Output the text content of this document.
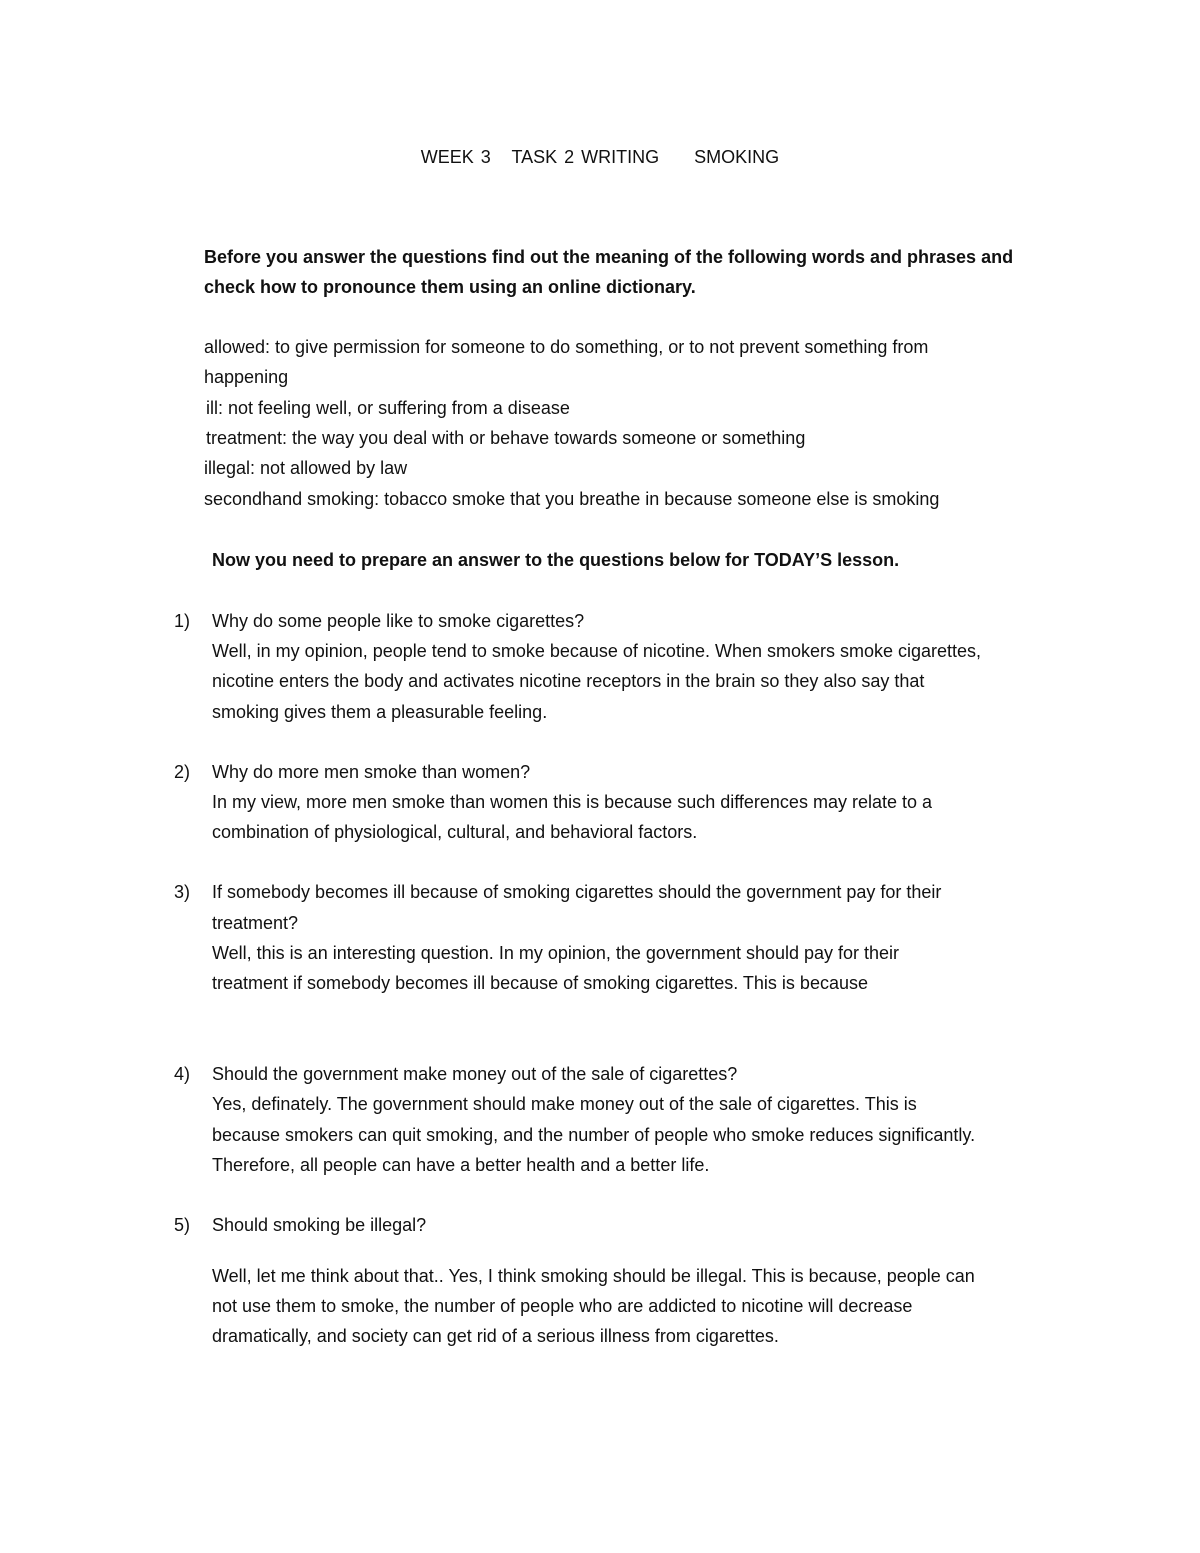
WEEK 3   TASK 2 WRITING     SMOKING
Before you answer the questions find out the meaning of the following words and phrases and
check how to pronounce them using an online dictionary.
allowed: to give permission for someone to do something, or to not prevent something from
happening
ill: not feeling well, or suffering from a disease
treatment: the way you deal with or behave towards someone or something
illegal: not allowed by law
secondhand smoking: tobacco smoke that you breathe in because someone else is smoking
Now you need to prepare an answer to the questions below for TODAY’S lesson.
1) Why do some people like to smoke cigarettes?
Well, in my opinion, people tend to smoke because of nicotine. When smokers smoke cigarettes,
nicotine enters the body and activates nicotine receptors in the brain so they also say that
smoking gives them a pleasurable feeling.
2) Why do more men smoke than women?
In my view, more men smoke than women this is because such differences may relate to a
combination of physiological, cultural, and behavioral factors.
3) If somebody becomes ill because of smoking cigarettes should the government pay for their
treatment?
Well, this is an interesting question. In my opinion, the government should pay for their
treatment if somebody becomes ill because of smoking cigarettes. This is because
4) Should the government make money out of the sale of cigarettes?
Yes, definately. The government should make money out of the sale of cigarettes. This is
because smokers can quit smoking, and the number of people who smoke reduces significantly.
Therefore, all people can have a better health and a better life.
5) Should smoking be illegal?
Well, let me think about that.. Yes, I think smoking should be illegal. This is because, people can
not use them to smoke, the number of people who are addicted to nicotine will decrease
dramatically, and society can get rid of a serious illness from cigarettes.
